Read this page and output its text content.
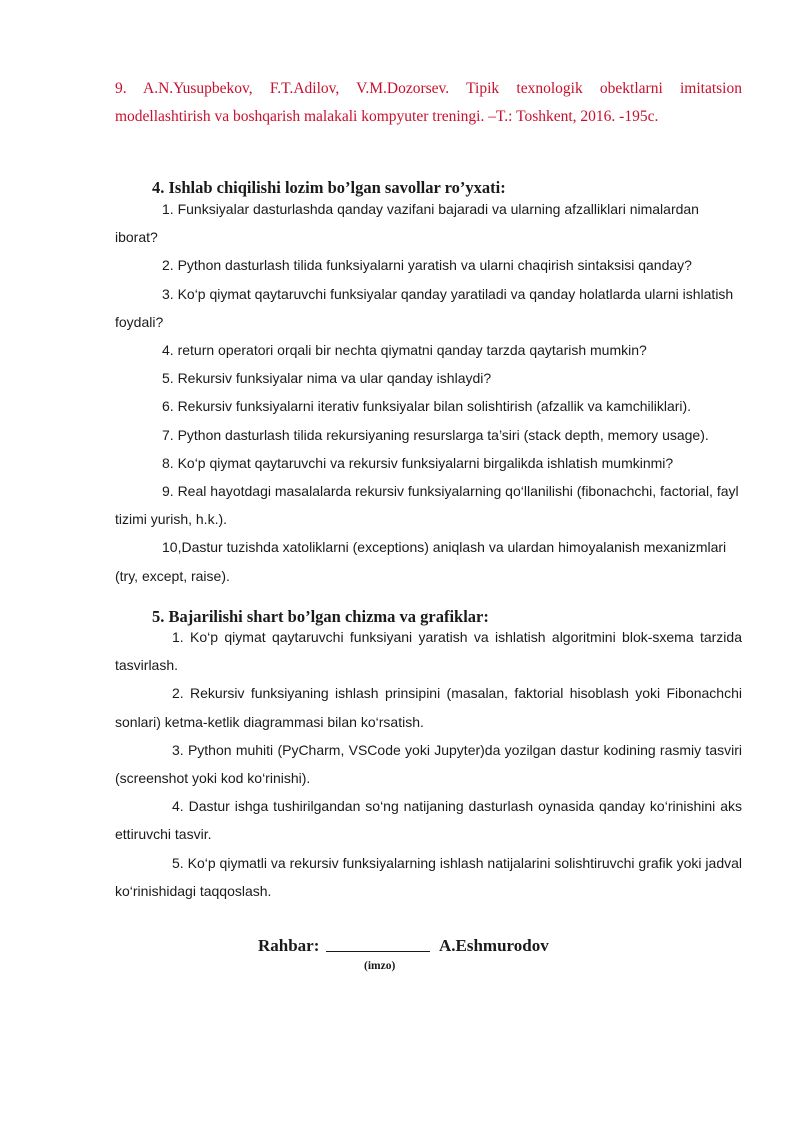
9. A.N.Yusupbekov, F.T.Adilov, V.M.Dozorsev. Tipik texnologik obektlarni imitatsion
modellashtirish va boshqarish malakali kompyuter treningi. –T.: Toshkent, 2016. -195c.
4. Ishlab chiqilishi lozim bo’lgan savollar ro’yxati:

1. Funksiyalar dasturlashda qanday vazifani bajaradi va ularning afzalliklari nimalardan iborat?

2. Python dasturlash tilida funksiyalarni yaratish va ularni chaqirish sintaksisi qanday?

3. Ko‘p qiymat qaytaruvchi funksiyalar qanday yaratiladi va qanday holatlarda ularni ishlatish foydali?

4. return operatori orqali bir nechta qiymatni qanday tarzda qaytarish mumkin?

5. Rekursiv funksiyalar nima va ular qanday ishlaydi?

6. Rekursiv funksiyalarni iterativ funksiyalar bilan solishtirish (afzallik va kamchiliklari).

7. Python dasturlash tilida rekursiyaning resurslarga ta’siri (stack depth, memory usage).

8. Ko‘p qiymat qaytaruvchi va rekursiv funksiyalarni birgalikda ishlatish mumkinmi?

9. Real hayotdagi masalalarda rekursiv funksiyalarning qo‘llanilishi (fibonachchi, factorial, fayl tizimi yurish, h.k.).

10,Dastur tuzishda xatoliklarni (exceptions) aniqlash va ulardan himoyalanish mexanizmlari (try, except, raise).

5. Bajarilishi shart bo’lgan chizma va grafiklar:

1. Ko‘p qiymat qaytaruvchi funksiyani yaratish va ishlatish algoritmini blok-sxema tarzida tasvirlash.

2. Rekursiv funksiyaning ishlash prinsipini (masalan, faktorial hisoblash yoki Fibonachchi sonlari) ketma-ketlik diagrammasi bilan ko‘rsatish.

3. Python muhiti (PyCharm, VSCode yoki Jupyter)da yozilgan dastur kodining rasmiy tasviri (screenshot yoki kod ko‘rinishi).

4. Dastur ishga tushirilgandan so‘ng natijaning dasturlash oynasida qanday ko‘rinishini aks ettiruvchi tasvir.

5. Ko‘p qiymatli va rekursiv funksiyalarning ishlash natijalarini solishtiruvchi grafik yoki jadval ko‘rinishidagi taqqoslash.

Rahbar:	A.Eshmurodov
(imzo)
